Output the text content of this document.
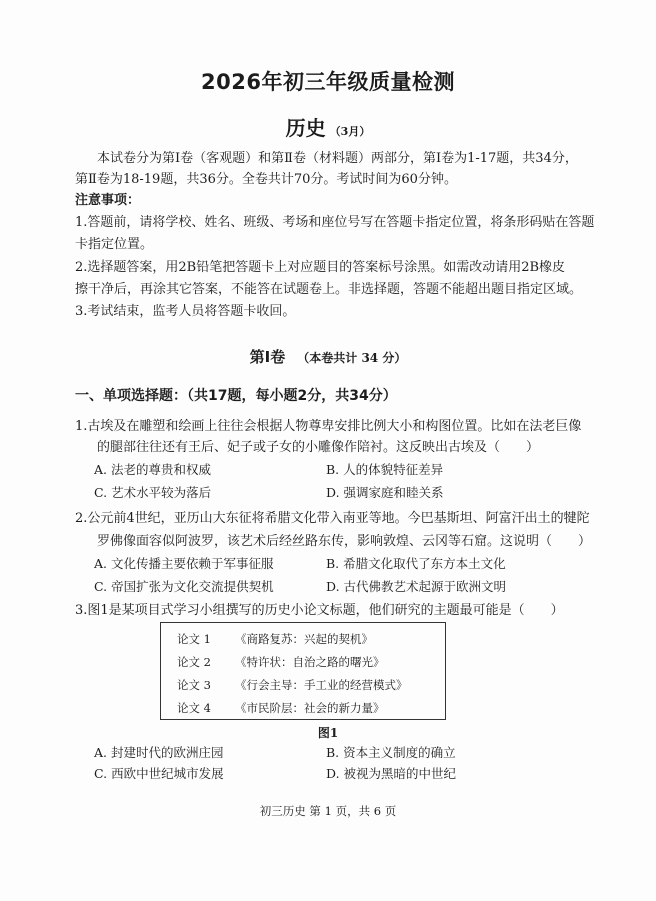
2026年初三年级质量检测
历史 （3月）
本试卷分为第Ⅰ卷（客观题）和第Ⅱ卷（材料题）两部分，第Ⅰ卷为1-17题，共34分，
第Ⅱ卷为18-19题，共36分。全卷共计70分。考试时间为60分钟。
注意事项：
1.答题前，请将学校、姓名、班级、考场和座位号写在答题卡指定位置，将条形码贴在答题
卡指定位置。
2.选择题答案，用2B铅笔把答题卡上对应题目的答案标号涂黑。如需改动请用2B橡皮
擦干净后，再涂其它答案，不能答在试题卷上。非选择题，答题不能超出题目指定区域。
3.考试结束，监考人员将答题卡收回。
第Ⅰ卷 （本卷共计 34 分）
一、单项选择题：（共17题，每小题2分，共34分）
1.古埃及在雕塑和绘画上往往会根据人物尊卑安排比例大小和构图位置。比如在法老巨像
的腿部往往还有王后、妃子或子女的小雕像作陪衬。这反映出古埃及（　　）
A. 法老的尊贵和权威	B. 人的体貌特征差异
C. 艺术水平较为落后	D. 强调家庭和睦关系
2.公元前4世纪，亚历山大东征将希腊文化带入南亚等地。今巴基斯坦、阿富汗出土的犍陀
罗佛像面容似阿波罗，该艺术后经丝路东传，影响敦煌、云冈等石窟。这说明（　　）
A. 文化传播主要依赖于军事征服	B. 希腊文化取代了东方本土文化
C. 帝国扩张为文化交流提供契机	D. 古代佛教艺术起源于欧洲文明
3.图1是某项目式学习小组撰写的历史小论文标题，他们研究的主题最可能是（　　）
论文 1 《商路复苏：兴起的契机》
论文 2 《特许状：自治之路的曙光》
论文 3 《行会主导：手工业的经营模式》
论文 4 《市民阶层：社会的新力量》
图1
A. 封建时代的欧洲庄园	B. 资本主义制度的确立
C. 西欧中世纪城市发展	D. 被视为黑暗的中世纪
初三历史 第 1 页，共 6 页
